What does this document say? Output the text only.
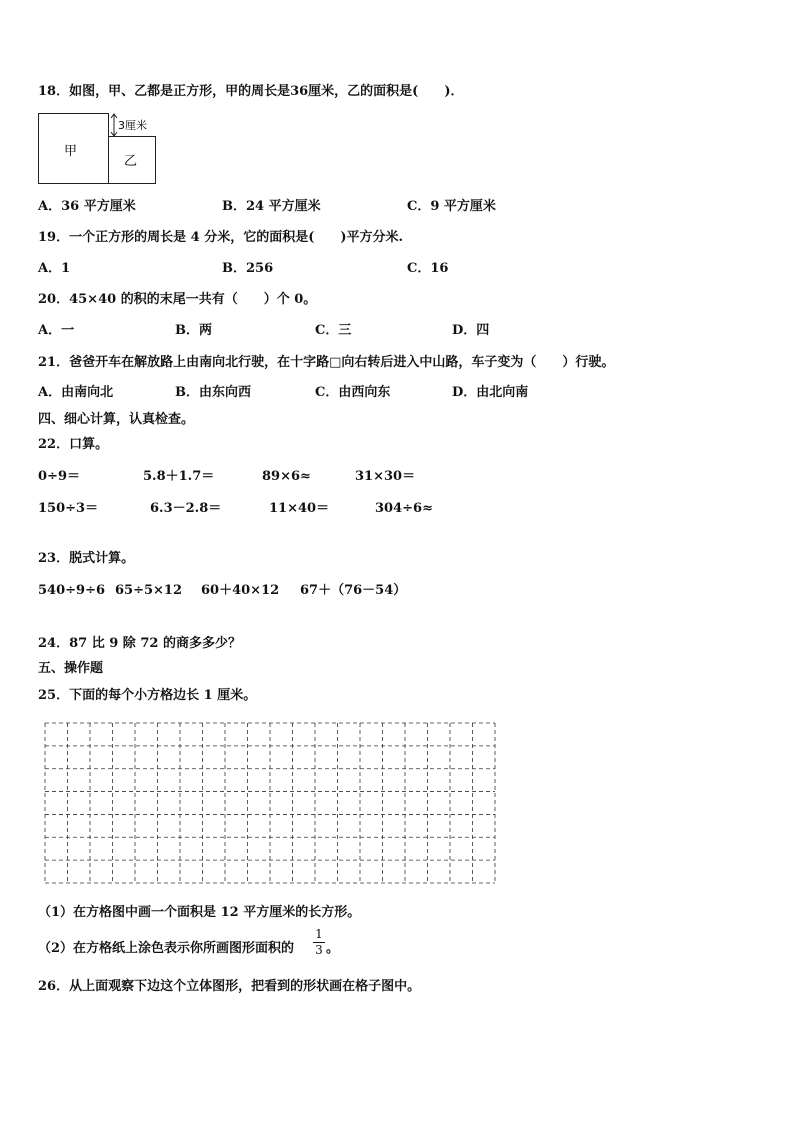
18．如图，甲、乙都是正方形，甲的周长是36厘米，乙的面积是(　　)．
甲
乙
3厘米
A．36 平方厘米	B．24 平方厘米	C．9 平方厘米
19．一个正方形的周长是 4 分米，它的面积是(　　)平方分米.
A．1	B．256	C．16
20．45×40 的积的末尾一共有（　　）个 0。
A．一	B．两	C．三	D．四
21．爸爸开车在解放路上由南向北行驶，在十字路□向右转后进入中山路，车子变为（　　）行驶。
A．由南向北	B．由东向西	C．由西向东	D．由北向南
四、细心计算，认真检查。
22．口算。
0÷9＝	5.8＋1.7＝	89×6≈	31×30＝
150÷3＝	6.3－2.8＝	11×40＝	304÷6≈
23．脱式计算。
540÷9÷6 65÷5×12 60＋40×12 67＋（76－54）
24．87 比 9 除 72 的商多多少？
五、操作题
25．下面的每个小方格边长 1 厘米。
（1）在方格图中画一个面积是 12 平方厘米的长方形。
（2）在方格纸上涂色表示你所画图形面积的
1
3 。
26．从上面观察下边这个立体图形，把看到的形状画在格子图中。
